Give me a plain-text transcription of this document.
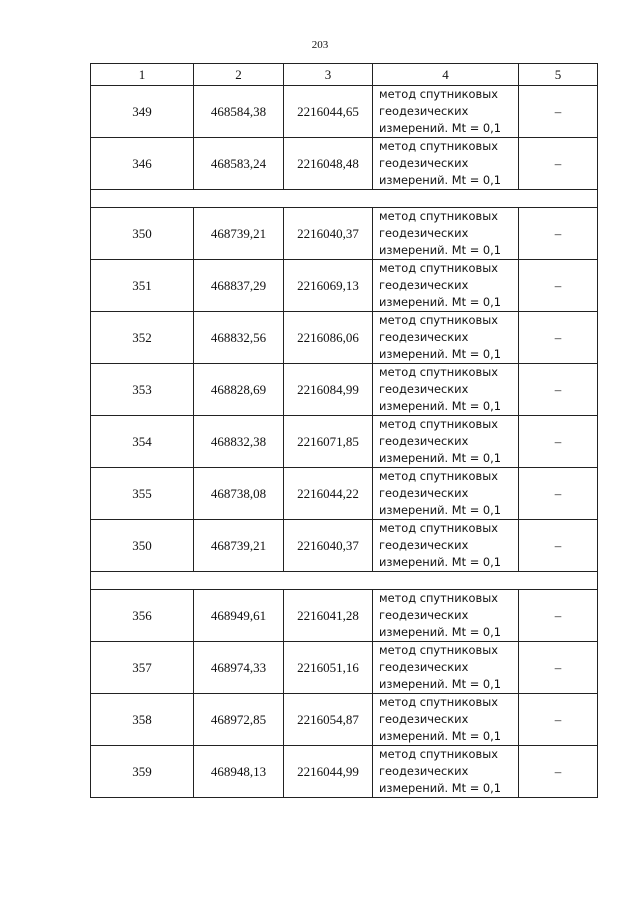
203
1	2	3	4	5
349	468584,38	2216044,65	метод спутниковых
геодезических
измерений. Mt = 0,1	–
346	468583,24	2216048,48	метод спутниковых
геодезических
измерений. Mt = 0,1	–

350	468739,21	2216040,37	метод спутниковых
геодезических
измерений. Mt = 0,1	–
351	468837,29	2216069,13	метод спутниковых
геодезических
измерений. Mt = 0,1	–
352	468832,56	2216086,06	метод спутниковых
геодезических
измерений. Mt = 0,1	–
353	468828,69	2216084,99	метод спутниковых
геодезических
измерений. Mt = 0,1	–
354	468832,38	2216071,85	метод спутниковых
геодезических
измерений. Mt = 0,1	–
355	468738,08	2216044,22	метод спутниковых
геодезических
измерений. Mt = 0,1	–
350	468739,21	2216040,37	метод спутниковых
геодезических
измерений. Mt = 0,1	–

356	468949,61	2216041,28	метод спутниковых
геодезических
измерений. Mt = 0,1	–
357	468974,33	2216051,16	метод спутниковых
геодезических
измерений. Mt = 0,1	–
358	468972,85	2216054,87	метод спутниковых
геодезических
измерений. Mt = 0,1	–
359	468948,13	2216044,99	метод спутниковых
геодезических
измерений. Mt = 0,1	–
